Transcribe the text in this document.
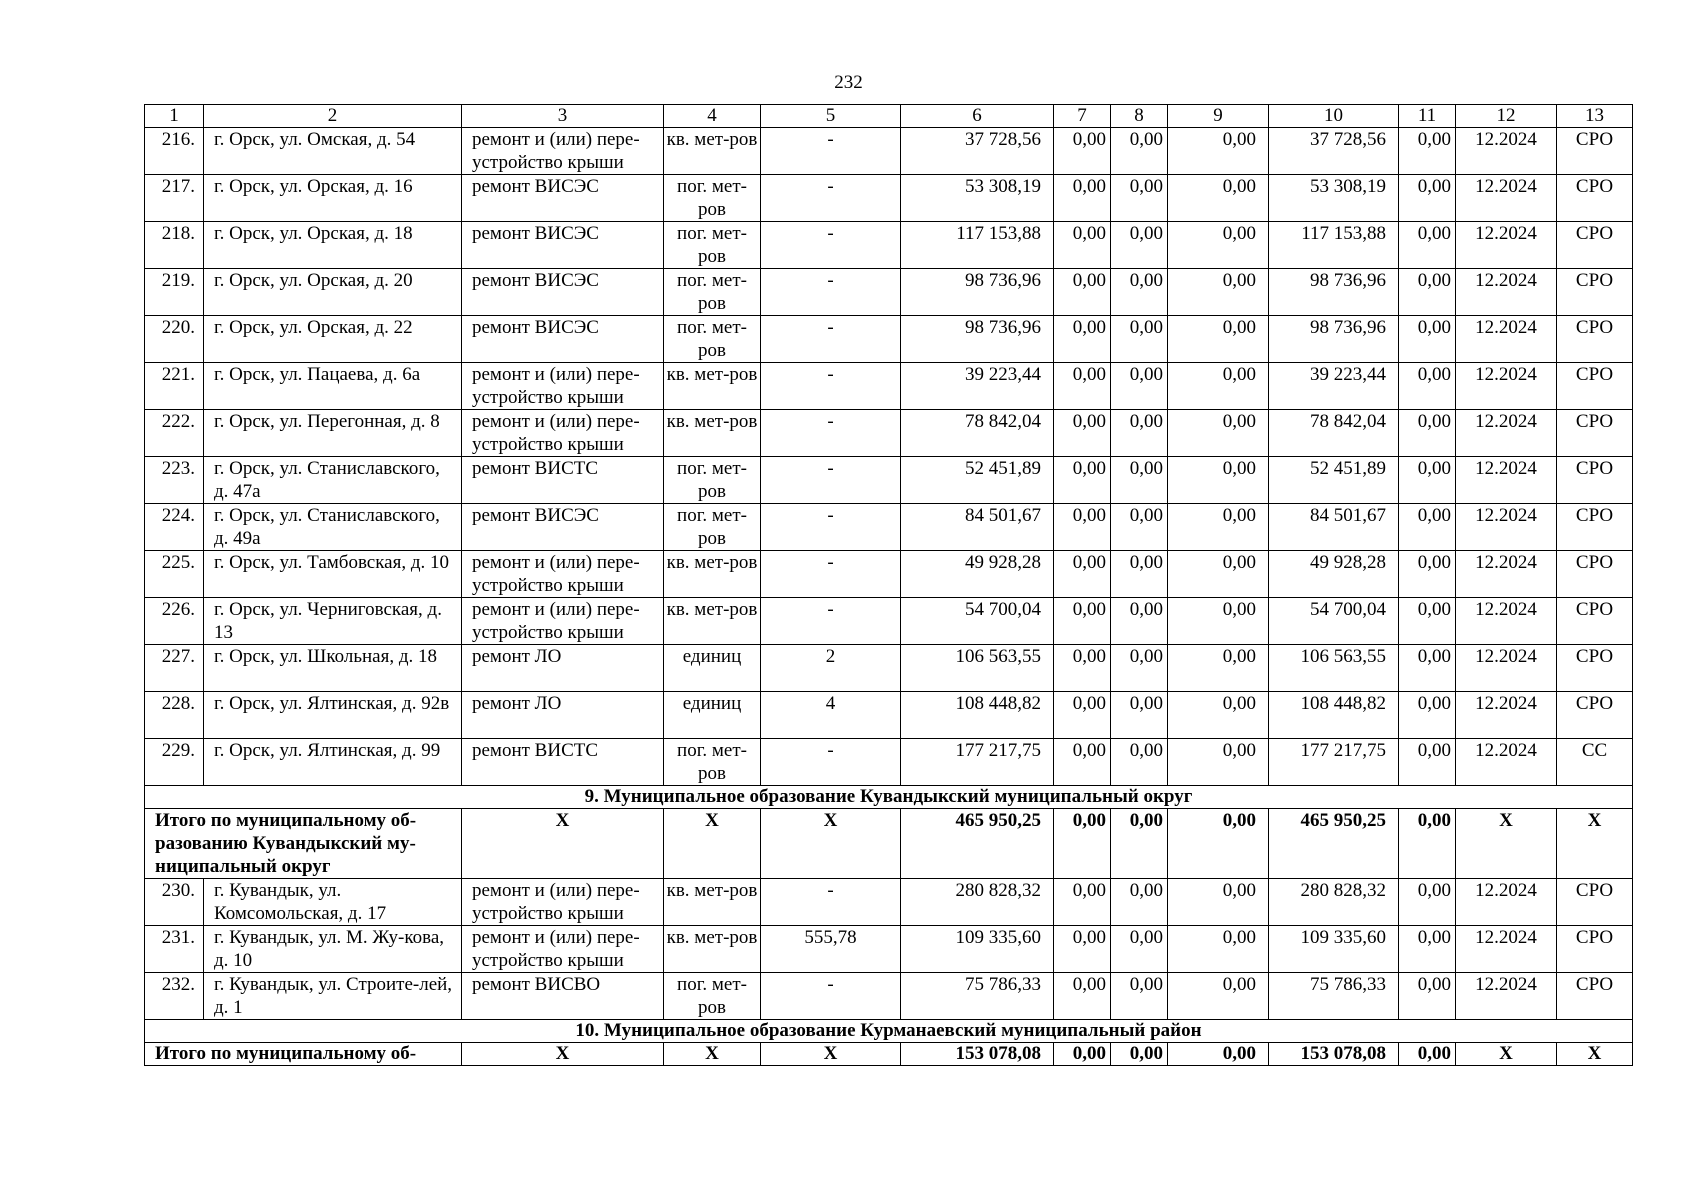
232
1	2	3	4	5	6	7	8	9	10	11	12	13
216.	г. Орск, ул. Омская, д. 54	ремонт и (или) пере-устройство крыши	кв. мет-ров	-	37 728,56	0,00	0,00	0,00	37 728,56	0,00	12.2024	СРО
217.	г. Орск, ул. Орская, д. 16	ремонт ВИСЭС	пог. мет-ров	-	53 308,19	0,00	0,00	0,00	53 308,19	0,00	12.2024	СРО
218.	г. Орск, ул. Орская, д. 18	ремонт ВИСЭС	пог. мет-ров	-	117 153,88	0,00	0,00	0,00	117 153,88	0,00	12.2024	СРО
219.	г. Орск, ул. Орская, д. 20	ремонт ВИСЭС	пог. мет-ров	-	98 736,96	0,00	0,00	0,00	98 736,96	0,00	12.2024	СРО
220.	г. Орск, ул. Орская, д. 22	ремонт ВИСЭС	пог. мет-ров	-	98 736,96	0,00	0,00	0,00	98 736,96	0,00	12.2024	СРО
221.	г. Орск, ул. Пацаева, д. 6а	ремонт и (или) пере-устройство крыши	кв. мет-ров	-	39 223,44	0,00	0,00	0,00	39 223,44	0,00	12.2024	СРО
222.	г. Орск, ул. Перегонная, д. 8	ремонт и (или) пере-устройство крыши	кв. мет-ров	-	78 842,04	0,00	0,00	0,00	78 842,04	0,00	12.2024	СРО
223.	г. Орск, ул. Станиславского, д. 47а	ремонт ВИСТС	пог. мет-ров	-	52 451,89	0,00	0,00	0,00	52 451,89	0,00	12.2024	СРО
224.	г. Орск, ул. Станиславского, д. 49а	ремонт ВИСЭС	пог. мет-ров	-	84 501,67	0,00	0,00	0,00	84 501,67	0,00	12.2024	СРО
225.	г. Орск, ул. Тамбовская, д. 10	ремонт и (или) пере-устройство крыши	кв. мет-ров	-	49 928,28	0,00	0,00	0,00	49 928,28	0,00	12.2024	СРО
226.	г. Орск, ул. Черниговская, д. 13	ремонт и (или) пере-устройство крыши	кв. мет-ров	-	54 700,04	0,00	0,00	0,00	54 700,04	0,00	12.2024	СРО
227.	г. Орск, ул. Школьная, д. 18	ремонт ЛО	единиц	2	106 563,55	0,00	0,00	0,00	106 563,55	0,00	12.2024	СРО
228.	г. Орск, ул. Ялтинская, д. 92в	ремонт ЛО	единиц	4	108 448,82	0,00	0,00	0,00	108 448,82	0,00	12.2024	СРО
229.	г. Орск, ул. Ялтинская, д. 99	ремонт ВИСТС	пог. мет-ров	-	177 217,75	0,00	0,00	0,00	177 217,75	0,00	12.2024	СС
9. Муниципальное образование Кувандыкский муниципальный округ												
Итого по муниципальному об-разованию Кувандыкский му-ниципальный округ		Х	Х	Х	465 950,25	0,00	0,00	0,00	465 950,25	0,00	Х	Х
230.	г. Кувандык, ул. Комсомольская, д. 17	ремонт и (или) пере-устройство крыши	кв. мет-ров	-	280 828,32	0,00	0,00	0,00	280 828,32	0,00	12.2024	СРО
231.	г. Кувандык, ул. М. Жу-кова, д. 10	ремонт и (или) пере-устройство крыши	кв. мет-ров	555,78	109 335,60	0,00	0,00	0,00	109 335,60	0,00	12.2024	СРО
232.	г. Кувандык, ул. Строите-лей, д. 1	ремонт ВИСВО	пог. мет-ров	-	75 786,33	0,00	0,00	0,00	75 786,33	0,00	12.2024	СРО
10. Муниципальное образование Курманаевский муниципальный район												
Итого по муниципальному об-		Х	Х	Х	153 078,08	0,00	0,00	0,00	153 078,08	0,00	Х	Х
